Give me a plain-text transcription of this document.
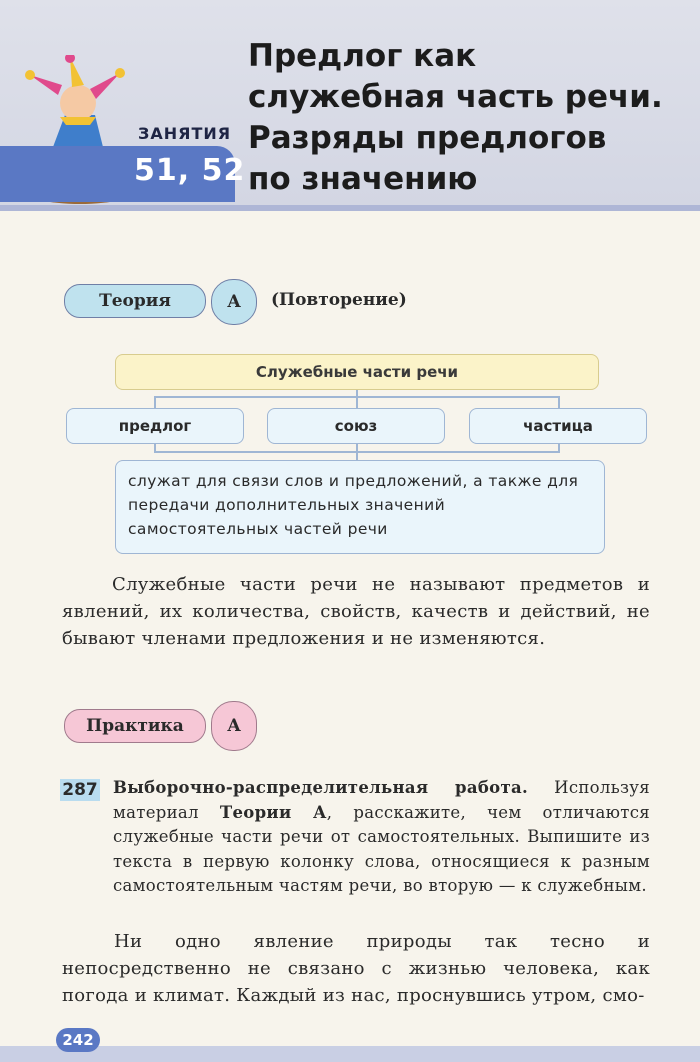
ЗАНЯТИЯ
51, 52
Предлог как
служебная часть речи.
Разряды предлогов
по значению
Теория	А	(Повторение)
Служебные части речи
предлог	союз	частица
служат для связи слов и предложений, а также для передачи дополнительных значений самостоятельных частей речи
Служебные части речи не называют предметов и явлений, их количества, свойств, качеств и действий, не бывают членами предложения и не изменяются.
Практика	А
287 Выборочно-распределительная работа. Используя материал Теории А, расскажите, чем отличаются служебные части речи от самостоятельных. Выпишите из текста в первую колонку слова, относящиеся к разным самостоятельным частям речи, во вторую — к служебным.
Ни одно явление природы так тесно и непосредственно не связано с жизнью человека, как погода и климат. Каждый из нас, проснувшись утром, смо-
242
